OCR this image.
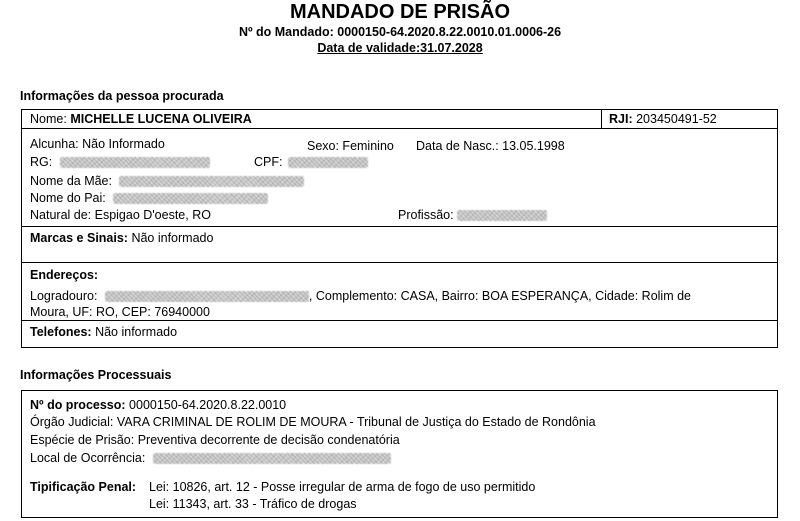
MANDADO DE PRISÃO
Nº do Mandado: 0000150-64.2020.8.22.0010.01.0006-26
Data de validade:31.07.2028
Informações da pessoa procurada
Nome: MICHELLE LUCENA OLIVEIRA	RJI: 203450491-52
Alcunha: Não Informado	Sexo: Feminino Data de Nasc.: 13.05.1998
RG:	CPF:
Nome da Mãe:
Nome do Pai:
Natural de: Espigao D'oeste, RO	Profissão:
Marcas e Sinais: Não informado
Endereços:
Logradouro:	, Complemento: CASA, Bairro: BOA ESPERANÇA, Cidade: Rolim de
Moura, UF: RO, CEP: 76940000
Telefones: Não informado
Informações Processuais
Nº do processo: 0000150-64.2020.8.22.0010
Órgão Judicial: VARA CRIMINAL DE ROLIM DE MOURA - Tribunal de Justiça do Estado de Rondônia
Espécie de Prisão: Preventiva decorrente de decisão condenatória
Local de Ocorrência:
Tipificação Penal: Lei: 10826, art. 12 - Posse irregular de arma de fogo de uso permitido
Lei: 11343, art. 33 - Tráfico de drogas
